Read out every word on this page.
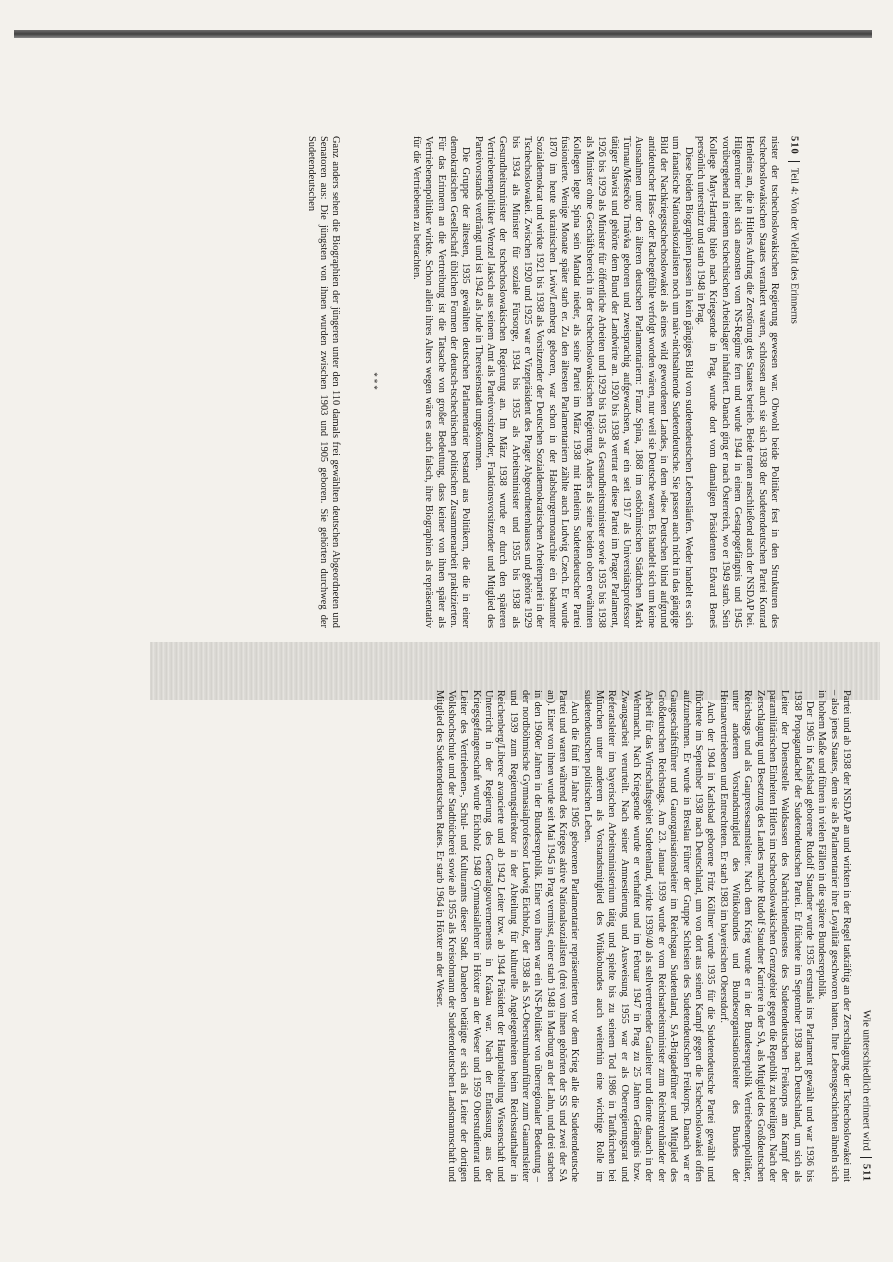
510Teil 4: Von der Vielfalt des Erinnerns

nister der tschechoslowakischen Regierung gewesen war. Obwohl beide Politiker fest in den Strukturen des tschechoslowakischen Staates verankert waren, schlossen auch sie sich 1938 der Sudetendeutschen Partei Konrad Henleins an, die in Hitlers Auftrag die Zerstörung des Staates betrieb. Beide traten anschließend auch der NSDAP bei. Hilgenreiner hielt sich ansonsten vom NS-Regime fern und wurde 1944 in einem Gestapogefängnis und 1945 vorübergehend in einem tschechischen Arbeitslager inhaftiert. Danach ging er nach Österreich, wo er 1949 starb. Sein Kollege Mayr-Harting blieb nach Kriegsende in Prag, wurde dort vom damaligen Präsidenten Edvard Beneš persönlich unterstützt und starb 1948 in Prag.

Diese beiden Biographien passen in kein gängiges Bild von sudetendeutschen Lebensläufen. Weder handelt es sich um fanatische Nationalsozialisten noch um naiv-nichtsahnende Sudetendeutsche. Sie passen auch nicht in das gängige Bild der Nachkriegstschechoslowakei als eines wild gewordenen Landes, in dem »die« Deutschen blind aufgrund antideutscher Hass- oder Rachegefühle verfolgt worden wären, nur weil sie Deutsche waren. Es handelt sich um keine Ausnahmen unter den älteren deutschen Parlamentariern: Franz Spina, 1868 im ostböhmischen Städtchen Markt Türnau/Městečko Trnávka geboren und zweisprachig aufgewachsen, war ein seit 1917 als Universitätsprofessor tätiger Slawist und gehörte dem Bund der Landwirte an. 1920 bis 1938 vertrat er diese Partei im Prager Parlament, 1926 bis 1929 als Minister für öffentliche Arbeiten und 1929 bis 1935 als Gesundheitsminister sowie 1935 bis 1938 als Minister ohne Geschäftsbereich in der tschechoslowakischen Regierung. Anders als seine beiden oben erwähnten Kollegen legte Spina sein Mandat nieder, als seine Partei im März 1938 mit Henleins Sudetendeutscher Partei fusionierte. Wenige Monate später starb er. Zu den ältesten Parlamentariern zählte auch Ludwig Czech. Er wurde 1870 im heute ukrainischen Lwiw/Lemberg geboren, war schon in der Habsburgermonarchie ein bekannter Sozialdemokrat und wirkte 1921 bis 1938 als Vorsitzender der Deutschen Sozialdemokratischen Arbeiterpartei in der Tschechoslowakei. Zwischen 1920 und 1925 war er Vizepräsident des Prager Abgeordnetenhauses und gehörte 1929 bis 1934 als Minister für soziale Fürsorge, 1934 bis 1935 als Arbeitsminister und 1935 bis 1938 als Gesundheitsminister der tschechoslowakischen Regierung an. Im März 1938 wurde er durch den späteren Vertriebenenpolitiker Wenzel Jaksch aus seinem Amt als Parteivorsitzender, Fraktionsvorsitzender und Mitglied des Parteivorstands verdrängt und ist 1942 als Jude in Theresienstadt umgekommen.

Die Gruppe der ältesten, 1935 gewählten deutschen Parlamentarier bestand aus Politikern, die die in einer demokratischen Gesellschaft üblichen Formen der deutsch-tschechischen politischen Zusammenarbeit praktizierten. Für das Erinnern an die Vertreibung ist die Tatsache von großer Bedeutung, dass keiner von ihnen später als Vertriebenenpolitiker wirkte. Schon allein ihres Alters wegen wäre es auch falsch, ihre Biographien als repräsentativ für die Vertriebenen zu betrachten.

***

Ganz anders sehen die Biographien der jüngeren unter den 110 damals frei gewählten deutschen Abgeordneten und Senatoren aus: Die jüngsten von ihnen wurden zwischen 1903 und 1905 geboren. Sie gehörten durchweg der Sudetendeutschen

Wie unterschiedlich erinnert wird511

Partei und ab 1938 der NSDAP an und wirkten in der Regel tatkräftig an der Zerschlagung der Tschechoslowakei mit – also jenes Staates, dem sie als Parlamentarier ihre Loyalität geschworen hatten. Ihre Lebensgeschichten ähneln sich in hohem Maße und führen in vielen Fällen in die spätere Bundesrepublik.

Der 1905 in Karlsbad geborene Rudolf Staudner wurde 1935 erstmals ins Parlament gewählt und war 1936 bis 1938 Propagandachef der Sudetendeutschen Partei. Er flüchtete im September 1938 nach Deutschland, um sich als Leiter der Dienststelle Waldsassen des Nachrichtendienstes des Sudetendeutschen Freikorps am Kampf der paramilitärischen Einheiten Hitlers im tschechoslowakischen Grenzgebiet gegen die Republik zu beteiligen. Nach der Zerschlagung und Besetzung des Landes machte Rudolf Staudner Karriere in der SA, als Mitglied des Großdeutschen Reichstags und als Gaupressesamtsleiter. Nach dem Krieg wurde er in der Bundesrepublik Vertriebenenpolitiker, unter anderem Vorstandsmitglied des Witikobundes und Bundesorganisationsleiter des Bundes der Heimatvertriebenen und Entrechteten. Er starb 1983 im bayerischen Oberstdorf.

Auch der 1904 in Karlsbad geborene Fritz Köllner wurde 1935 für die Sudetendeutsche Partei gewählt und flüchtete im September 1938 nach Deutschland, um von dort aus seinen Kampf gegen die Tschechoslowakei offen aufzunehmen. Er wurde in Breslau Führer der Gruppe Schlesien des Sudetendeutschen Freikorps. Danach war er Gaugeschäftsführer und Gauorganisationsleiter im Reichsgau Sudetenland, SA-Brigadeführer und Mitglied des Großdeutschen Reichstags. Am 23. Januar 1939 wurde er vom Reichsarbeitsminister zum Reichstreuhänder der Arbeit für das Wirtschaftsgebiet Sudetenland, wirkte 1939/40 als stellvertretender Gauleiter und diente danach in der Wehrmacht. Nach Kriegsende wurde er verhaftet und im Februar 1947 in Prag zu 25 Jahren Gefängnis bzw. Zwangsarbeit verurteilt. Nach seiner Amnestierung und Ausweisung 1955 war er als Oberregierungsrat und Referatsleiter im bayerischen Arbeitsministerium tätig und spielte bis zu seinem Tod 1986 in Taufkirchen bei München unter anderem als Vorstandsmitglied des Witikobundes auch weiterhin eine wichtige Rolle im sudetendeutschen politischen Leben.

Auch die fünf im Jahre 1905 geborenen Parlamentarier repräsentierten vor dem Krieg alle die Sudetendeutsche Partei und waren während des Krieges aktive Nationalsozialisten (drei von ihnen gehörten der SS und zwei der SA an). Einer von ihnen wurde seit Mai 1945 in Prag vermisst, einer starb 1948 in Marburg an der Lahn, und drei starben in den 1960er Jahren in der Bundesrepublik. Einer von ihnen war ein NS-Politiker von überregionaler Bedeutung – der nordböhmische Gymnasialprofessor Ludwig Eichholz, der 1938 als SA-Oberstumbannführer zum Gauamtsleiter und 1939 zum Regierungsdirektor in der Abteilung für kulturelle Angelegenheiten beim Reichsstatthalter in Reichenberg/Liberec avancierte und ab 1942 Leiter bzw. ab 1944 Präsident der Hauptabteilung Wissenschaft und Unterricht in der Regierung des Generalgouvernements in Krakau war. Nach der Entlassung aus der Kriegsgefangenschaft wurde Eichholz 1948 Gymnasiallehrer in Höxter an der Weser und 1959 Oberstudienrat und Leiter des Vertriebenen-, Schul- und Kulturamts dieser Stadt. Daneben betätigte er sich als Leiter der dortigen Volkshochschule und der Stadtbücherei sowie ab 1955 als Kreisobmann der Sudetendeutschen Landsmannschaft und Mitglied des Sudetendeutschen Rates. Er starb 1964 in Höxter an der Weser.
